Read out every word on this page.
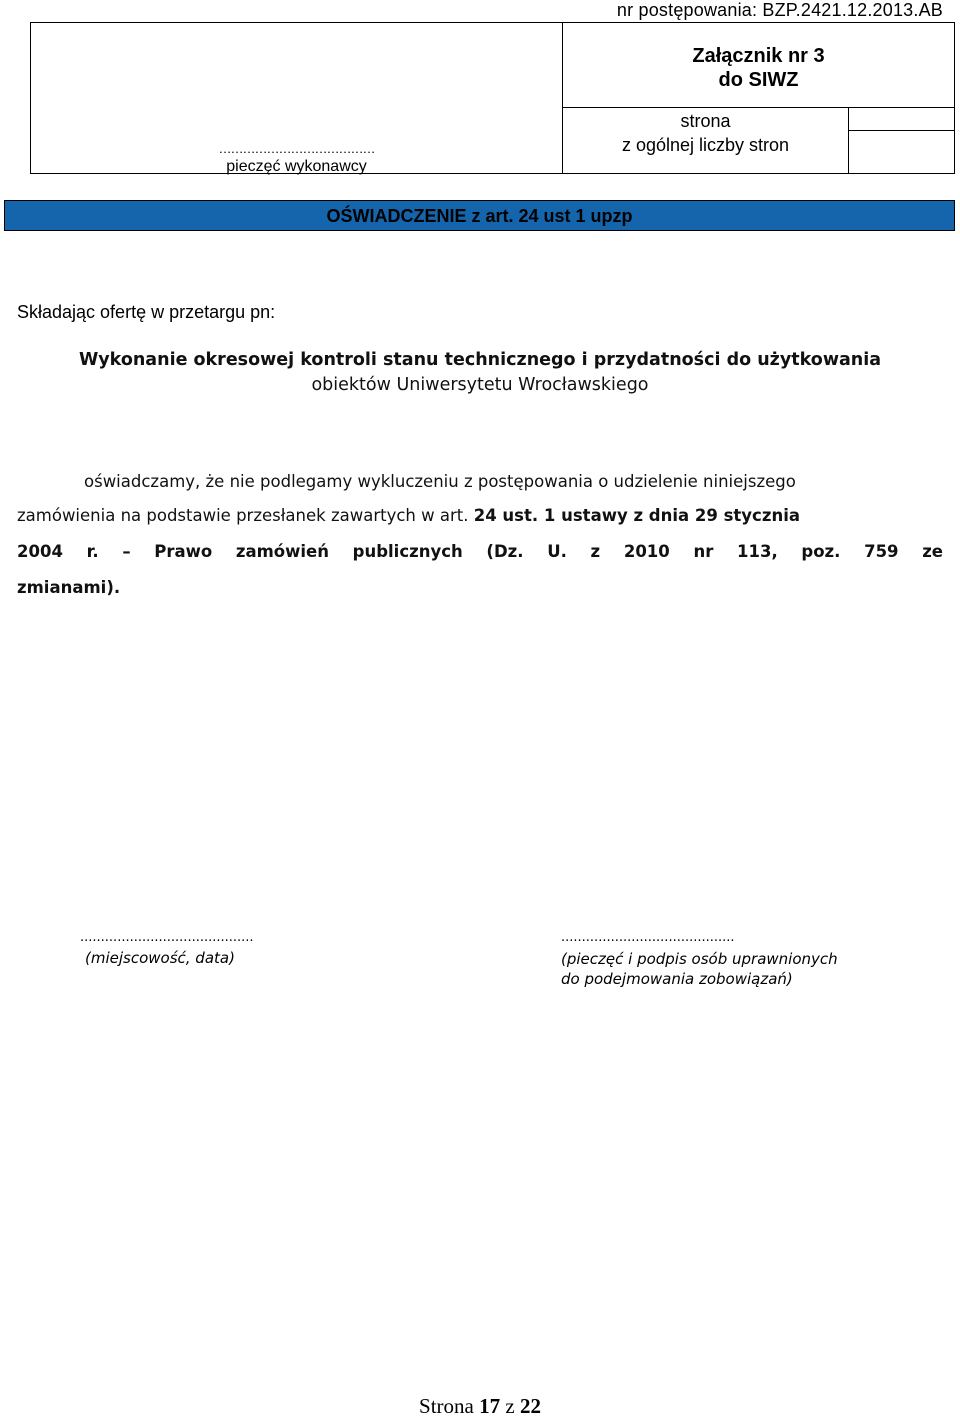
nr postępowania: BZP.2421.12.2013.AB
…………………………………
pieczęć wykonawcy
Załącznik nr 3
do SIWZ
strona
z ogólnej liczby stron
OŚWIADCZENIE z art. 24 ust 1 upzp
Składając ofertę w przetargu pn:
Wykonanie okresowej kontroli stanu technicznego i przydatności do użytkowania
obiektów Uniwersytetu Wrocławskiego
oświadczamy, że nie podlegamy wykluczeniu z postępowania o udzielenie niniejszego
zamówienia na podstawie przesłanek zawartych w art. 24 ust. 1 ustawy z dnia 29 stycznia
2004 r. – Prawo zamówień publicznych (Dz. U. z 2010 nr 113, poz. 759 ze
zmianami).
..........................................
(miejscowość, data)
..........................................
(pieczęć i podpis osób uprawnionych
do podejmowania zobowiązań)
Strona 17 z 22
